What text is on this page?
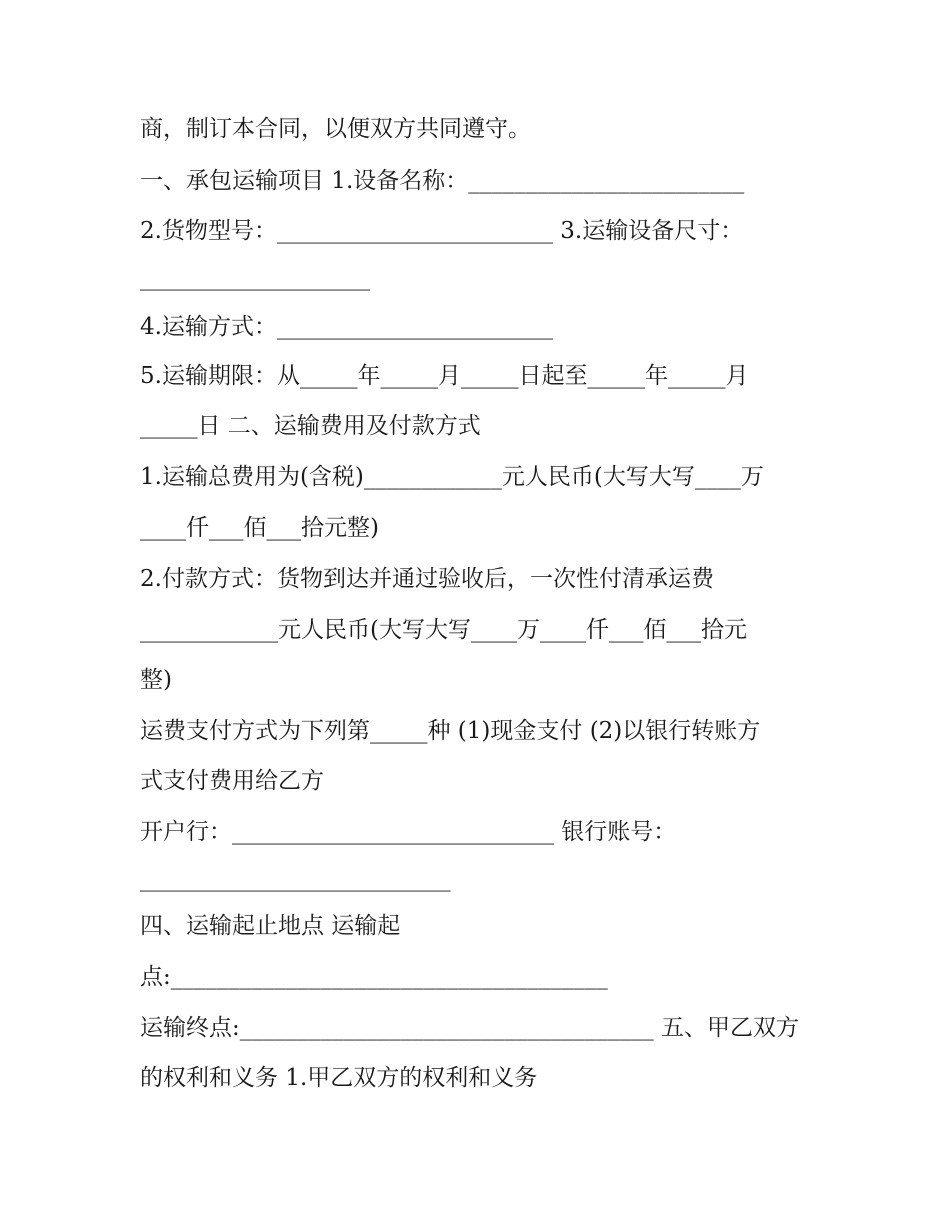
商，制订本合同，以便双方共同遵守。
一、承包运输项目 1.设备名称：________________________
2.货物型号：________________________ 3.运输设备尺寸：
____________________
4.运输方式：________________________
5.运输期限：从_____年_____月_____日起至_____年_____月
_____日 二、运输费用及付款方式
1.运输总费用为(含税)____________元人民币(大写大写____万
____仟___佰___拾元整)
2.付款方式：货物到达并通过验收后，一次性付清承运费
____________元人民币(大写大写____万____仟___佰___拾元
整)
运费支付方式为下列第_____种 (1)现金支付 (2)以银行转账方
式支付费用给乙方
开户行：____________________________ 银行账号：
___________________________
四、运输起止地点 运输起
点:______________________________________
运输终点:____________________________________ 五、甲乙双方
的权利和义务 1.甲乙双方的权利和义务
